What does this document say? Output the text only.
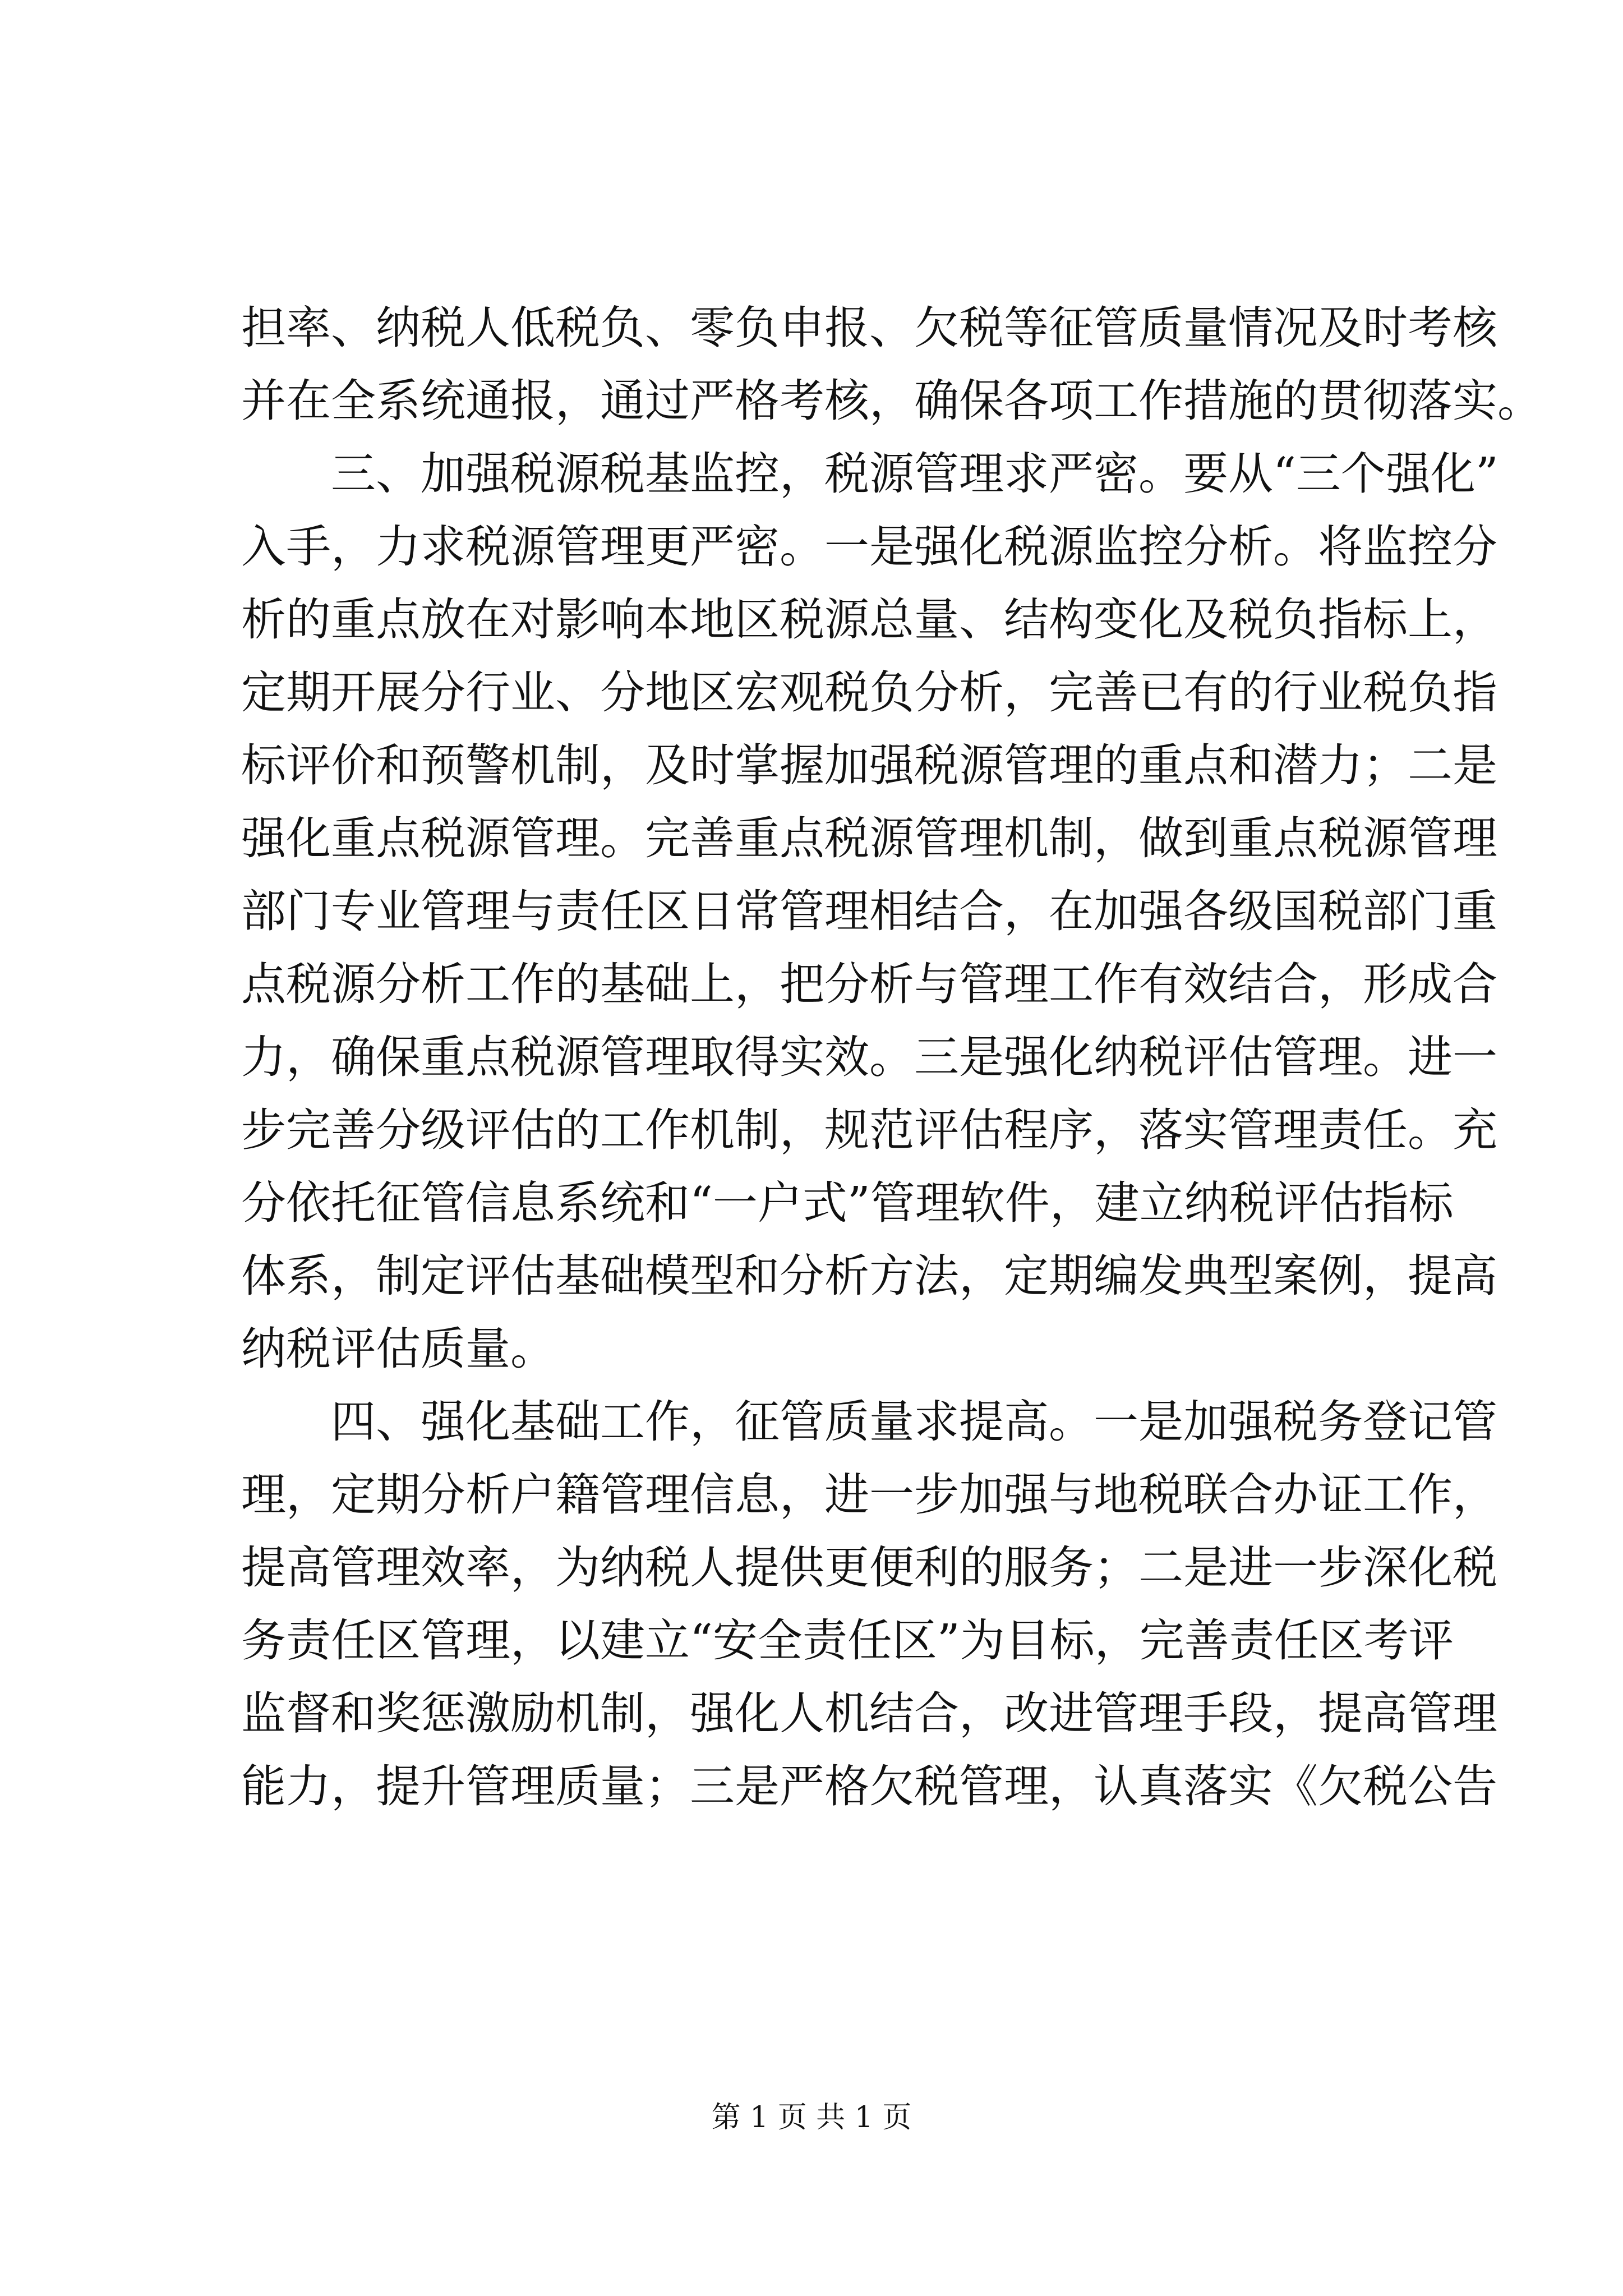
担率、纳税人低税负、零负申报、欠税等征管质量情况及时考核
并在全系统通报，通过严格考核，确保各项工作措施的贯彻落实。
三、加强税源税基监控，税源管理求严密。要从“三个强化”
入手，力求税源管理更严密。一是强化税源监控分析。将监控分
析的重点放在对影响本地区税源总量、结构变化及税负指标上，
定期开展分行业、分地区宏观税负分析，完善已有的行业税负指
标评价和预警机制，及时掌握加强税源管理的重点和潜力；二是
强化重点税源管理。完善重点税源管理机制，做到重点税源管理
部门专业管理与责任区日常管理相结合，在加强各级国税部门重
点税源分析工作的基础上，把分析与管理工作有效结合，形成合
力，确保重点税源管理取得实效。三是强化纳税评估管理。进一
步完善分级评估的工作机制，规范评估程序，落实管理责任。充
分依托征管信息系统和“一户式”管理软件，建立纳税评估指标
体系，制定评估基础模型和分析方法，定期编发典型案例，提高
纳税评估质量。
四、强化基础工作，征管质量求提高。一是加强税务登记管
理，定期分析户籍管理信息，进一步加强与地税联合办证工作，
提高管理效率，为纳税人提供更便利的服务；二是进一步深化税
务责任区管理，以建立“安全责任区”为目标，完善责任区考评
监督和奖惩激励机制，强化人机结合，改进管理手段，提高管理
能力，提升管理质量；三是严格欠税管理，认真落实《欠税公告
第 1 页 共 1 页
